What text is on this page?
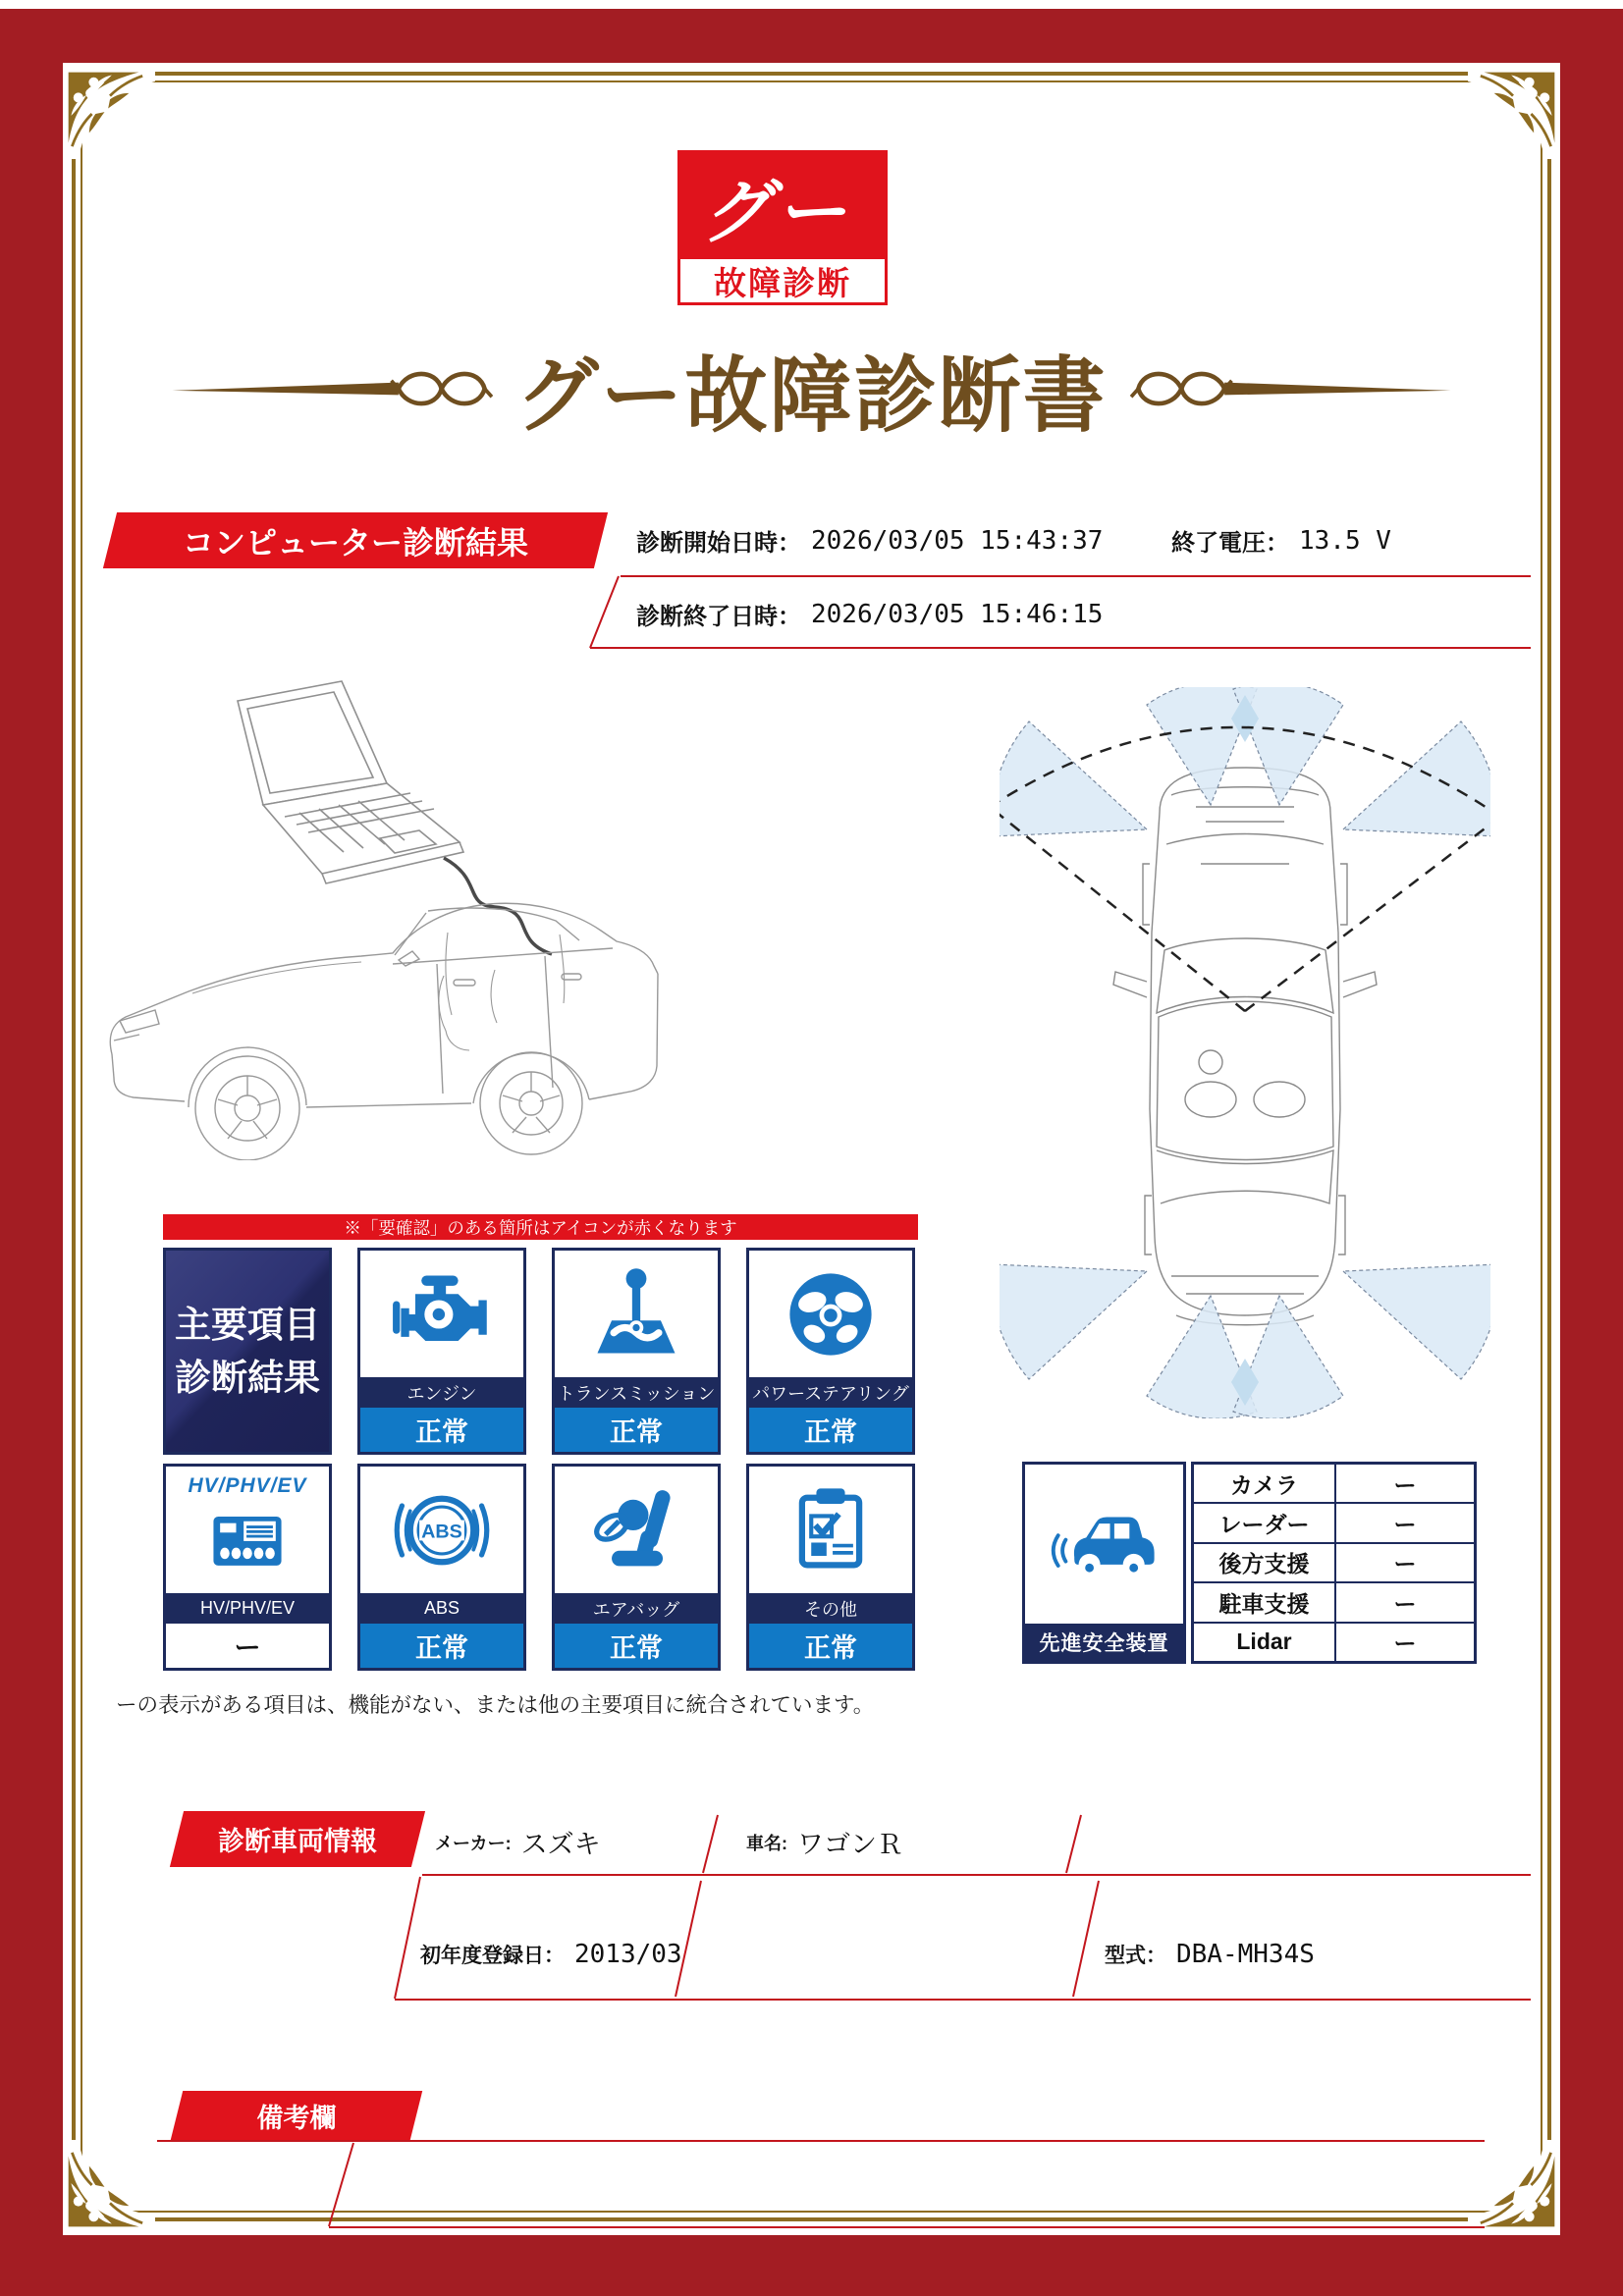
グー
故障診断
グー故障診断書
コンピューター診断結果	診断開始日時： 2026/03/05 15:43:37	終了電圧： 13.5 V
診断終了日時： 2026/03/05 15:46:15
※「要確認」のある箇所はアイコンが赤くなります
主要項目
診断結果	エンジン
正常
トランスミッション
正常
パワーステアリング
正常
HV/PHV/EV
HV/PHV/EV
ー
ABS
ABS
正常
エアバッグ
正常
その他
正常
ーの表示がある項目は、機能がない、または他の主要項目に統合されています。
先進安全装置
カメラ	ー
レーダー	ー
後方支援	ー
駐車支援	ー
Lidar	ー
診断車両情報	メーカー: スズキ	車名: ワゴンＲ
初年度登録日： 2013/03	型式： DBA-MH34S
備考欄
